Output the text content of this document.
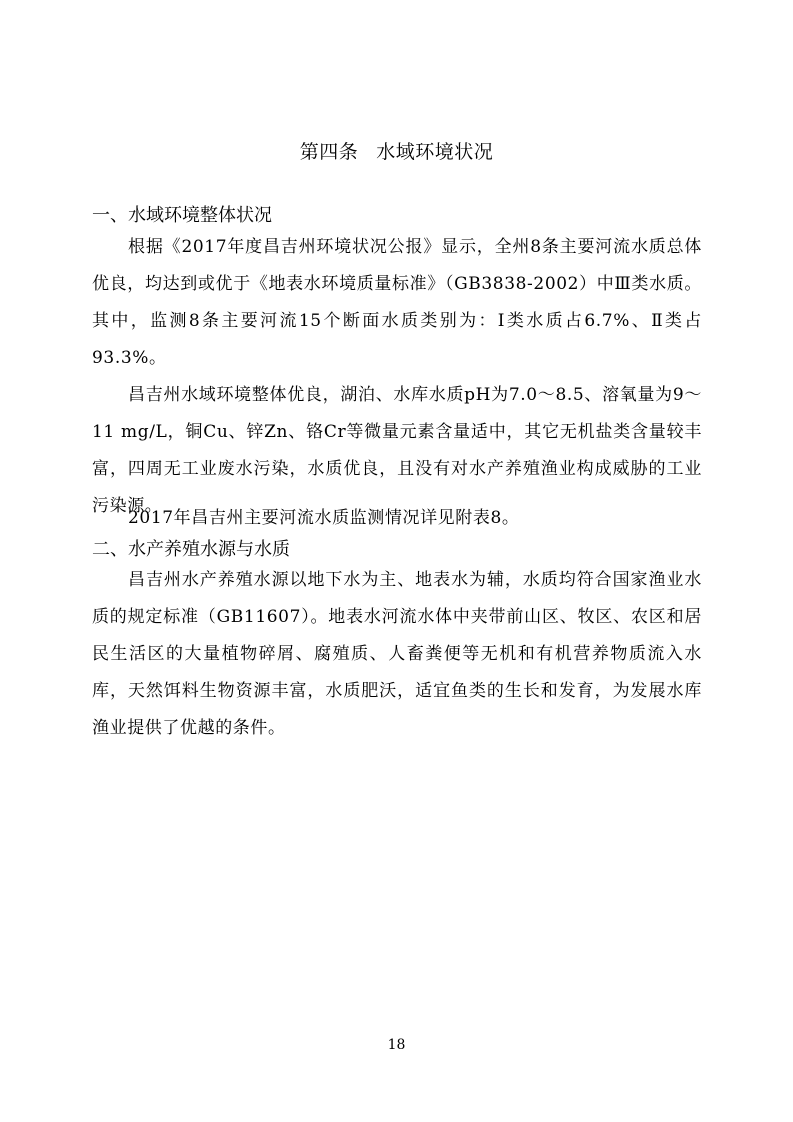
第四条 水域环境状况
一、水域环境整体状况

根据《2017年度昌吉州环境状况公报》显示，全州8条主要河流水质总体优良，均达到或优于《地表水环境质量标准》（GB3838-2002）中Ⅲ类水质。其中，监测8条主要河流15个断面水质类别为：Ⅰ类水质占6.7%、Ⅱ类占93.3%。

昌吉州水域环境整体优良，湖泊、水库水质pH为7.0～8.5、溶氧量为9～11 mg/L，铜Cu、锌Zn、铬Cr等微量元素含量适中，其它无机盐类含量较丰富，四周无工业废水污染，水质优良，且没有对水产养殖渔业构成威胁的工业污染源。

2017年昌吉州主要河流水质监测情况详见附表8。

二、水产养殖水源与水质

昌吉州水产养殖水源以地下水为主、地表水为辅，水质均符合国家渔业水质的规定标准（GB11607）。地表水河流水体中夹带前山区、牧区、农区和居民生活区的大量植物碎屑、腐殖质、人畜粪便等无机和有机营养物质流入水库，天然饵料生物资源丰富，水质肥沃，适宜鱼类的生长和发育，为发展水库渔业提供了优越的条件。

18
